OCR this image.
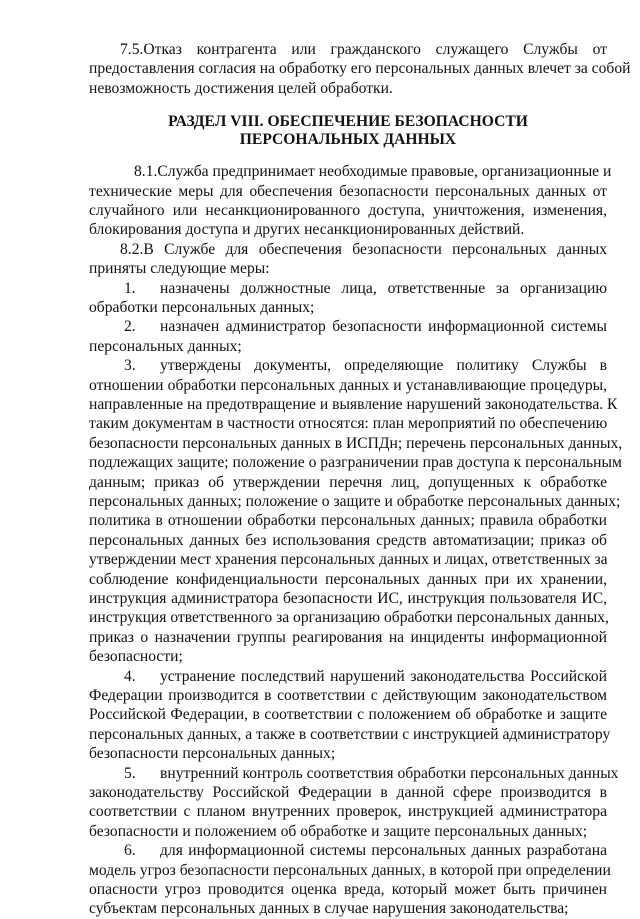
7.5.Отказ контрагента или гражданского служащего Службы от
предоставления согласия на обработку его персональных данных влечет за собой
невозможность достижения целей обработки.
РАЗДЕЛ VIII. ОБЕСПЕЧЕНИЕ БЕЗОПАСНОСТИ
ПЕРСОНАЛЬНЫХ ДАННЫХ
8.1.Служба предпринимает необходимые правовые, организационные и
технические меры для обеспечения безопасности персональных данных от
случайного или несанкционированного доступа, уничтожения, изменения,
блокирования доступа и других несанкционированных действий.
8.2.В Службе для обеспечения безопасности персональных данных
приняты следующие меры:
1.	назначены должностные лица, ответственные за организацию
обработки персональных данных;
2.	назначен администратор безопасности информационной системы
персональных данных;
3.	утверждены документы, определяющие политику Службы в
отношении обработки персональных данных и устанавливающие процедуры,
направленные на предотвращение и выявление нарушений законодательства. К
таким документам в частности относятся: план мероприятий по обеспечению
безопасности персональных данных в ИСПДн; перечень персональных данных,
подлежащих защите; положение о разграничении прав доступа к персональным
данным; приказ об утверждении перечня лиц, допущенных к обработке
персональных данных; положение о защите и обработке персональных данных;
политика в отношении обработки персональных данных; правила обработки
персональных данных без использования средств автоматизации; приказ об
утверждении мест хранения персональных данных и лицах, ответственных за
соблюдение конфиденциальности персональных данных при их хранении,
инструкция администратора безопасности ИС, инструкция пользователя ИС,
инструкция ответственного за организацию обработки персональных данных,
приказ о назначении группы реагирования на инциденты информационной
безопасности;
4.	устранение последствий нарушений законодательства Российской
Федерации производится в соответствии с действующим законодательством
Российской Федерации, в соответствии с положением об обработке и защите
персональных данных, а также в соответствии с инструкцией администратору
безопасности персональных данных;
5.	внутренний контроль соответствия обработки персональных данных
законодательству Российской Федерации в данной сфере производится в
соответствии с планом внутренних проверок, инструкцией администратора
безопасности и положением об обработке и защите персональных данных;
6.	для информационной системы персональных данных разработана
модель угроз безопасности персональных данных, в которой при определении
опасности угроз проводится оценка вреда, который может быть причинен
субъектам персональных данных в случае нарушения законодательства;
